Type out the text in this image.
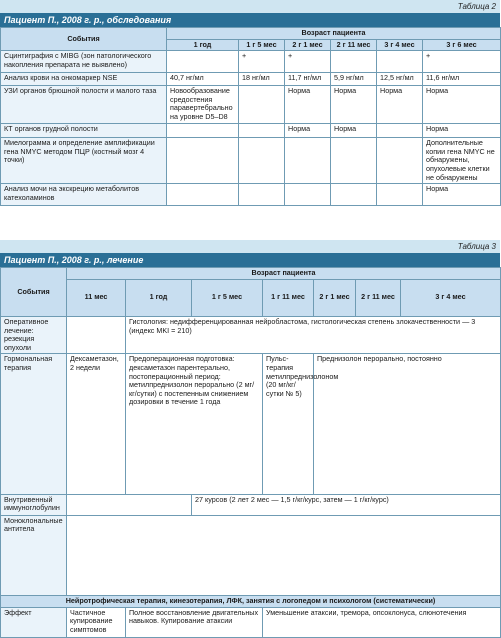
Таблица 2
Пациент П., 2008 г. р., обследования
События	Возраст пациента					
	1 год	1 г 5 мес	2 г 1 мес	2 г 11 мес	3 г 4 мес	3 г 6 мес
Сцинтиграфия с MIBG (зон патологического накопления препарата не выявлено)		+	+			+
Анализ крови на онкомаркер NSE	40,7 нг/мл	18 нг/мл	11,7 нг/мл	5,9 нг/мл	12,5 нг/мл	11,6 нг/мл
УЗИ органов брюшной полости и малого таза	Новообразование средостения паравертебрально на уровне D5–D8		Норма	Норма	Норма	Норма
КТ органов грудной полости			Норма	Норма		Норма
Миелограмма и определение амплификации гена NMYC методом ПЦР (костный мозг 4 точки)						Дополнительные копии гена NMYC не обнаружены, опухолевые клетки не обнаружены
Анализ мочи на экскрецию метаболитов катехоламинов						Норма
Таблица 3
Пациент П., 2008 г. р., лечение
События	Возраст пациента							
	11 мес	1 год	1 г 5 мес	1 г 11 мес	2 г 1 мес	2 г 11 мес	3 г 4 мес	
Оперативное лечение: резекция опухоли		Гистология: недифференцированная нейробластома, гистологическая степень злокачественности — 3 (индекс MKI = 210)						
Гормональная терапия	Дексаметазон, 2 недели	Предоперационная подготовка: дексаметазон парентерально, постоперационный период: метилпреднизолон перорально (2 мг/кг/сутки) с постепенным снижением дозировки в течение 1 года		Пульс-терапия метилпреднизолоном (20 мг/кг/сутки № 5)	Преднизолон перорально, постоянно	
Внутривенный иммуноглобулин			27 курсов (2 лет 2 мес — 1,5 г/кг/курс, затем — 1 г/кг/курс)					
Моноклональные антитела		
Нейротрофическая терапия, кинезотерапия, ЛФК, занятия с логопедом и психологом (систематически)								
Эффект	Частичное купирование симптомов	Полное восстановление двигательных навыков. Купирование атаксии		Уменьшение атаксии, тремора, опсоклонуса, слюнотечения	
